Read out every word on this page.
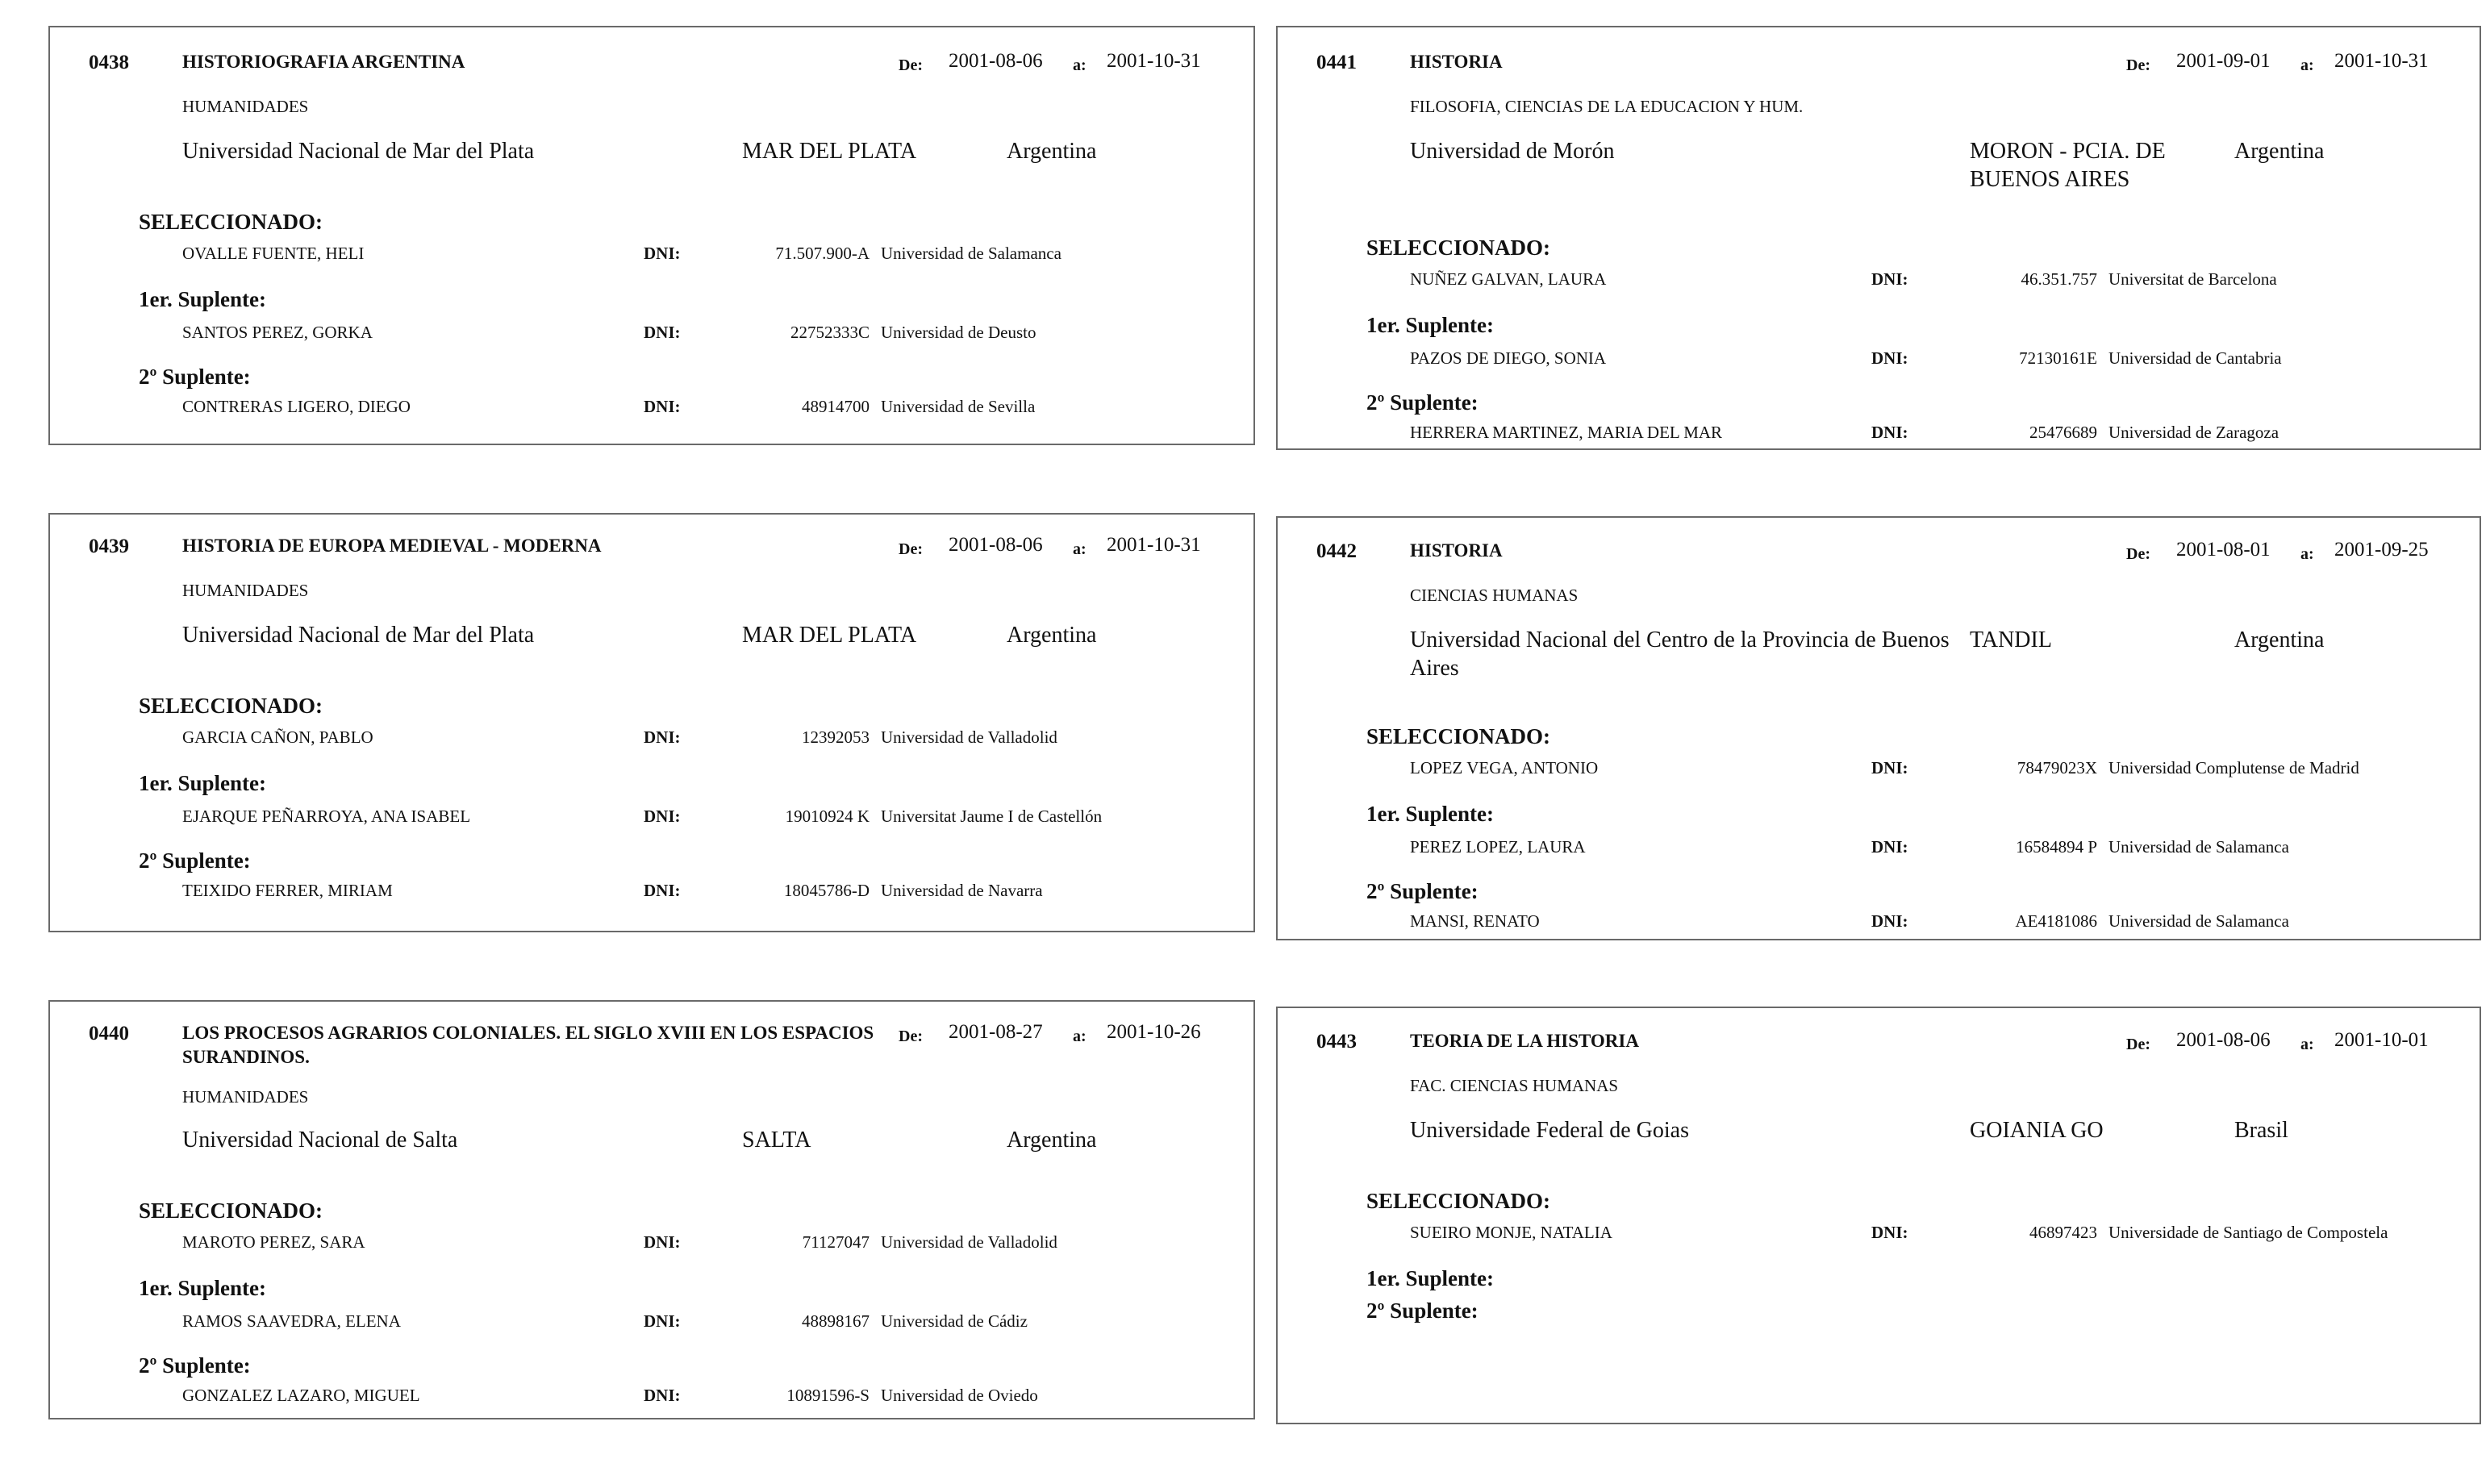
0438	HISTORIOGRAFIA ARGENTINA	De: 2001-08-06 a: 2001-10-31
HUMANIDADES
Universidad Nacional de Mar del Plata	MAR DEL PLATA	Argentina
SELECCIONADO:
OVALLE FUENTE, HELI	DNI:	71.507.900-A Universidad de Salamanca
1er. Suplente:
SANTOS PEREZ, GORKA	DNI:	22752333C Universidad de Deusto
2º Suplente:
CONTRERAS LIGERO, DIEGO	DNI:	48914700 Universidad de Sevilla
0439	HISTORIA DE EUROPA MEDIEVAL - MODERNA	De: 2001-08-06 a: 2001-10-31
HUMANIDADES
Universidad Nacional de Mar del Plata	MAR DEL PLATA	Argentina
SELECCIONADO:
GARCIA CAÑON, PABLO	DNI:	12392053 Universidad de Valladolid
1er. Suplente:
EJARQUE PEÑARROYA, ANA ISABEL	DNI:	19010924 K Universitat Jaume I de Castellón
2º Suplente:
TEIXIDO FERRER, MIRIAM	DNI:	18045786-D Universidad de Navarra
0440	LOS PROCESOS AGRARIOS COLONIALES. EL SIGLO XVIII EN LOS ESPACIOS SURANDINOS.
De: 2001-08-27 a: 2001-10-26
HUMANIDADES
Universidad Nacional de Salta	SALTA	Argentina
SELECCIONADO:
MAROTO PEREZ, SARA	DNI:	71127047 Universidad de Valladolid
1er. Suplente:
RAMOS SAAVEDRA, ELENA	DNI:	48898167 Universidad de Cádiz
2º Suplente:
GONZALEZ LAZARO, MIGUEL	DNI:	10891596-S Universidad de Oviedo
0441	HISTORIA	De: 2001-09-01 a: 2001-10-31
FILOSOFIA, CIENCIAS DE LA EDUCACION Y HUM.
Universidad de Morón	MORON - PCIA. DE BUENOS AIRES
Argentina
SELECCIONADO:
NUÑEZ GALVAN, LAURA	DNI:	46.351.757 Universitat de Barcelona
1er. Suplente:
PAZOS DE DIEGO, SONIA	DNI:	72130161E Universidad de Cantabria
2º Suplente:
HERRERA MARTINEZ, MARIA DEL MAR	DNI:	25476689 Universidad de Zaragoza
0442	HISTORIA	De: 2001-08-01 a: 2001-09-25
CIENCIAS HUMANAS
Universidad Nacional del Centro de la Provincia de Buenos Aires
TANDIL	Argentina
SELECCIONADO:
LOPEZ VEGA, ANTONIO	DNI:	78479023X Universidad Complutense de Madrid
1er. Suplente:
PEREZ LOPEZ, LAURA	DNI:	16584894 P Universidad de Salamanca
2º Suplente:
MANSI, RENATO	DNI:	AE4181086 Universidad de Salamanca
0443	TEORIA DE LA HISTORIA	De: 2001-08-06 a: 2001-10-01
FAC. CIENCIAS HUMANAS
Universidade Federal de Goias	GOIANIA GO	Brasil
SELECCIONADO:
SUEIRO MONJE, NATALIA	DNI:	46897423 Universidade de Santiago de Compostela
1er. Suplente:
2º Suplente:
